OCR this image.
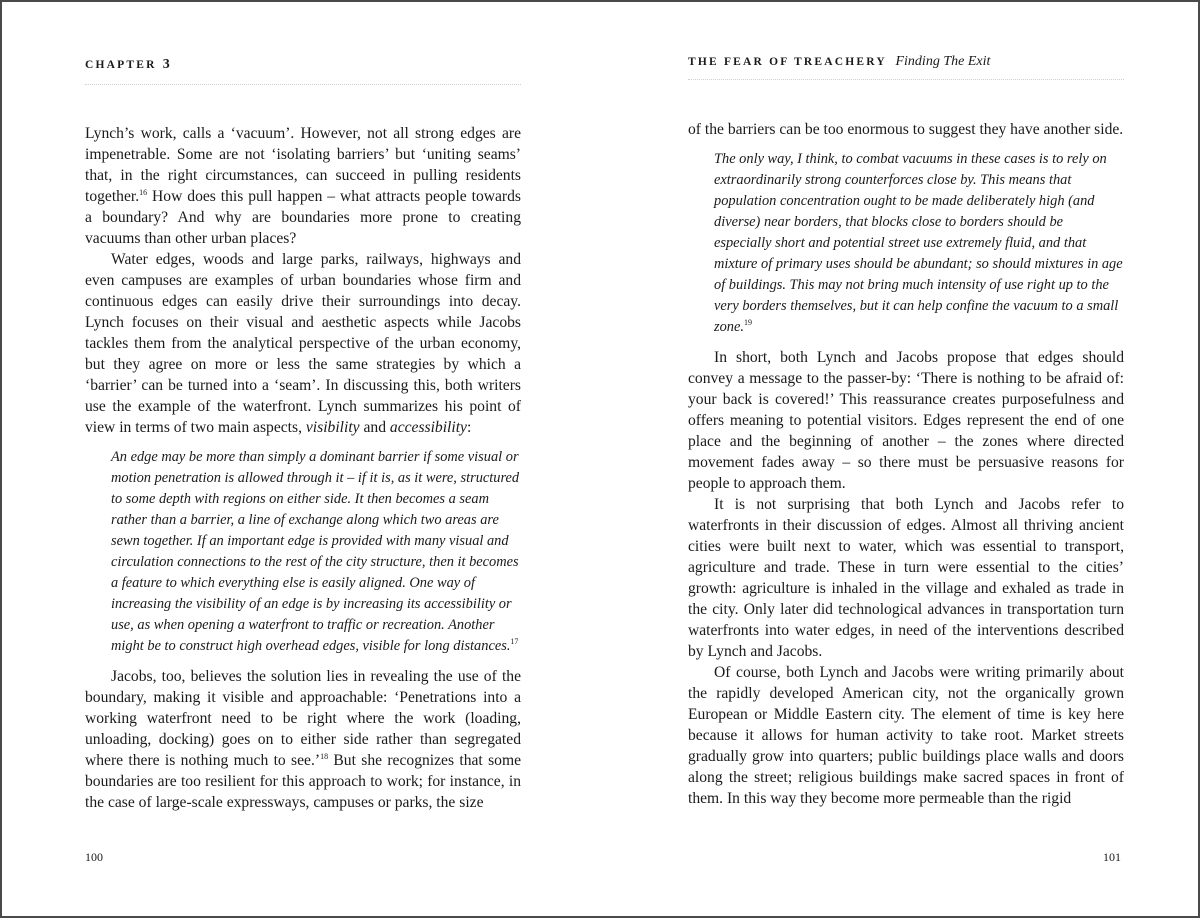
CHAPTER 3

Lynch’s work, calls a ‘vacuum’. However, not all strong edges are impenetrable. Some are not ‘isolating barriers’ but ‘uniting seams’ that, in the right circumstances, can succeed in pulling residents together.$^{16}$ How does this pull happen – what attracts people towards a boundary? And why are boundaries more prone to creating vacuums than other urban places?

Water edges, woods and large parks, railways, highways and even campuses are examples of urban boundaries whose firm and continuous edges can easily drive their surroundings into decay. Lynch focuses on their visual and aesthetic aspects while Jacobs tackles them from the analytical perspective of the urban economy, but they agree on more or less the same strategies by which a ‘barrier’ can be turned into a ‘seam’. In discussing this, both writers use the example of the waterfront. Lynch summarizes his point of view in terms of two main aspects, visibility and accessibility:

An edge may be more than simply a dominant barrier if some visual or motion penetration is allowed through it – if it is, as it were, structured to some depth with regions on either side. It then becomes a seam rather than a barrier, a line of exchange along which two areas are sewn together. If an important edge is provided with many visual and circulation connections to the rest of the city structure, then it becomes a feature to which everything else is easily aligned. One way of increasing the visibility of an edge is by increasing its accessibility or use, as when opening a waterfront to traffic or recreation. Another might be to construct high overhead edges, visible for long distances.$^{17}$

Jacobs, too, believes the solution lies in revealing the use of the boundary, making it visible and approachable: ‘Penetrations into a working waterfront need to be right where the work (loading, unloading, docking) goes on to either side rather than segregated where there is nothing much to see.’$^{18}$ But she recognizes that some boundaries are too resilient for this approach to work; for instance, in the case of large-scale expressways, campuses or parks, the size

100
THE FEAR OF TREACHERY Finding The Exit

of the barriers can be too enormous to suggest they have another side.

The only way, I think, to combat vacuums in these cases is to rely on extraordinarily strong counterforces close by. This means that population concentration ought to be made deliberately high (and diverse) near borders, that blocks close to borders should be especially short and potential street use extremely fluid, and that mixture of primary uses should be abundant; so should mixtures in age of buildings. This may not bring much intensity of use right up to the very borders themselves, but it can help confine the vacuum to a small zone.$^{19}$

In short, both Lynch and Jacobs propose that edges should convey a message to the passer-by: ‘There is nothing to be afraid of: your back is covered!’ This reassurance creates purposefulness and offers meaning to potential visitors. Edges represent the end of one place and the beginning of another – the zones where directed movement fades away – so there must be persuasive reasons for people to approach them.

It is not surprising that both Lynch and Jacobs refer to waterfronts in their discussion of edges. Almost all thriving ancient cities were built next to water, which was essential to transport, agriculture and trade. These in turn were essential to the cities’ growth: agriculture is inhaled in the village and exhaled as trade in the city. Only later did technological advances in transportation turn waterfronts into water edges, in need of the interventions described by Lynch and Jacobs.

Of course, both Lynch and Jacobs were writing primarily about the rapidly developed American city, not the organically grown European or Middle Eastern city. The element of time is key here because it allows for human activity to take root. Market streets gradually grow into quarters; public buildings place walls and doors along the street; religious buildings make sacred spaces in front of them. In this way they become more permeable than the rigid

101
